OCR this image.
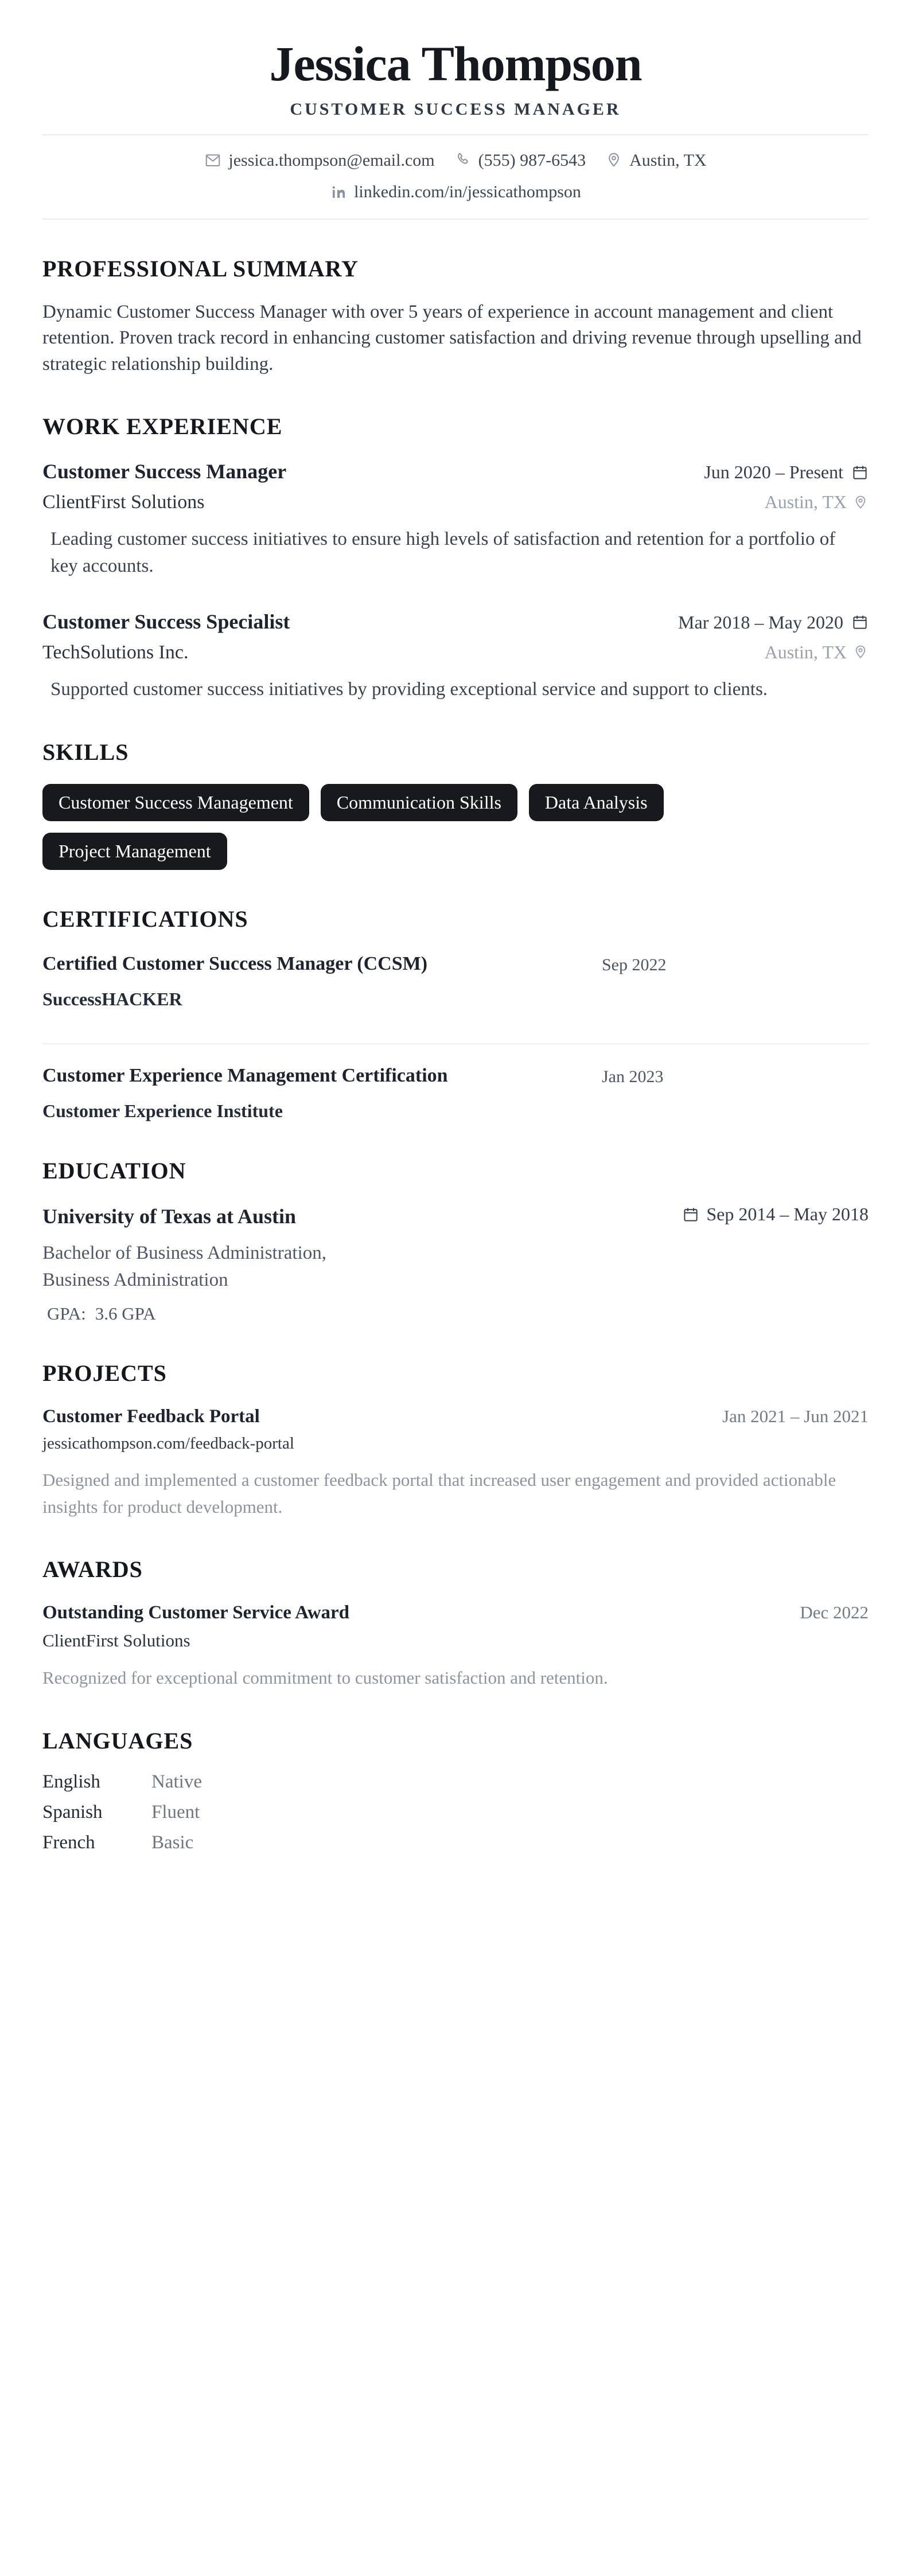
Jessica Thompson
CUSTOMER SUCCESS MANAGER
jessica.thompson@email.com	(555) 987-6543	Austin, TX
linkedin.com/in/jessicathompson
PROFESSIONAL SUMMARY
Dynamic Customer Success Manager with over 5 years of experience in account management and client retention. Proven track record in enhancing customer satisfaction and driving revenue through upselling and strategic relationship building.
WORK EXPERIENCE
Customer Success Manager	Jun 2020 – Present
ClientFirst Solutions	Austin, TX
Leading customer success initiatives to ensure high levels of satisfaction and retention for a portfolio of key accounts.
Customer Success Specialist	Mar 2018 – May 2020
TechSolutions Inc.	Austin, TX
Supported customer success initiatives by providing exceptional service and support to clients.
SKILLS
Customer Success Management	Communication Skills	Data Analysis
Project Management
CERTIFICATIONS
Certified Customer Success Manager (CCSM)	Sep 2022
SuccessHACKER
Customer Experience Management Certification	Jan 2023
Customer Experience Institute
EDUCATION
University of Texas at Austin	Sep 2014 – May 2018
Bachelor of Business Administration,
Business Administration
GPA: 3.6 GPA
PROJECTS
Customer Feedback Portal	Jan 2021 – Jun 2021
jessicathompson.com/feedback-portal
Designed and implemented a customer feedback portal that increased user engagement and provided actionable insights for product development.
AWARDS
Outstanding Customer Service Award	Dec 2022
ClientFirst Solutions
Recognized for exceptional commitment to customer satisfaction and retention.
LANGUAGES
English	Native
Spanish	Fluent
French	Basic
